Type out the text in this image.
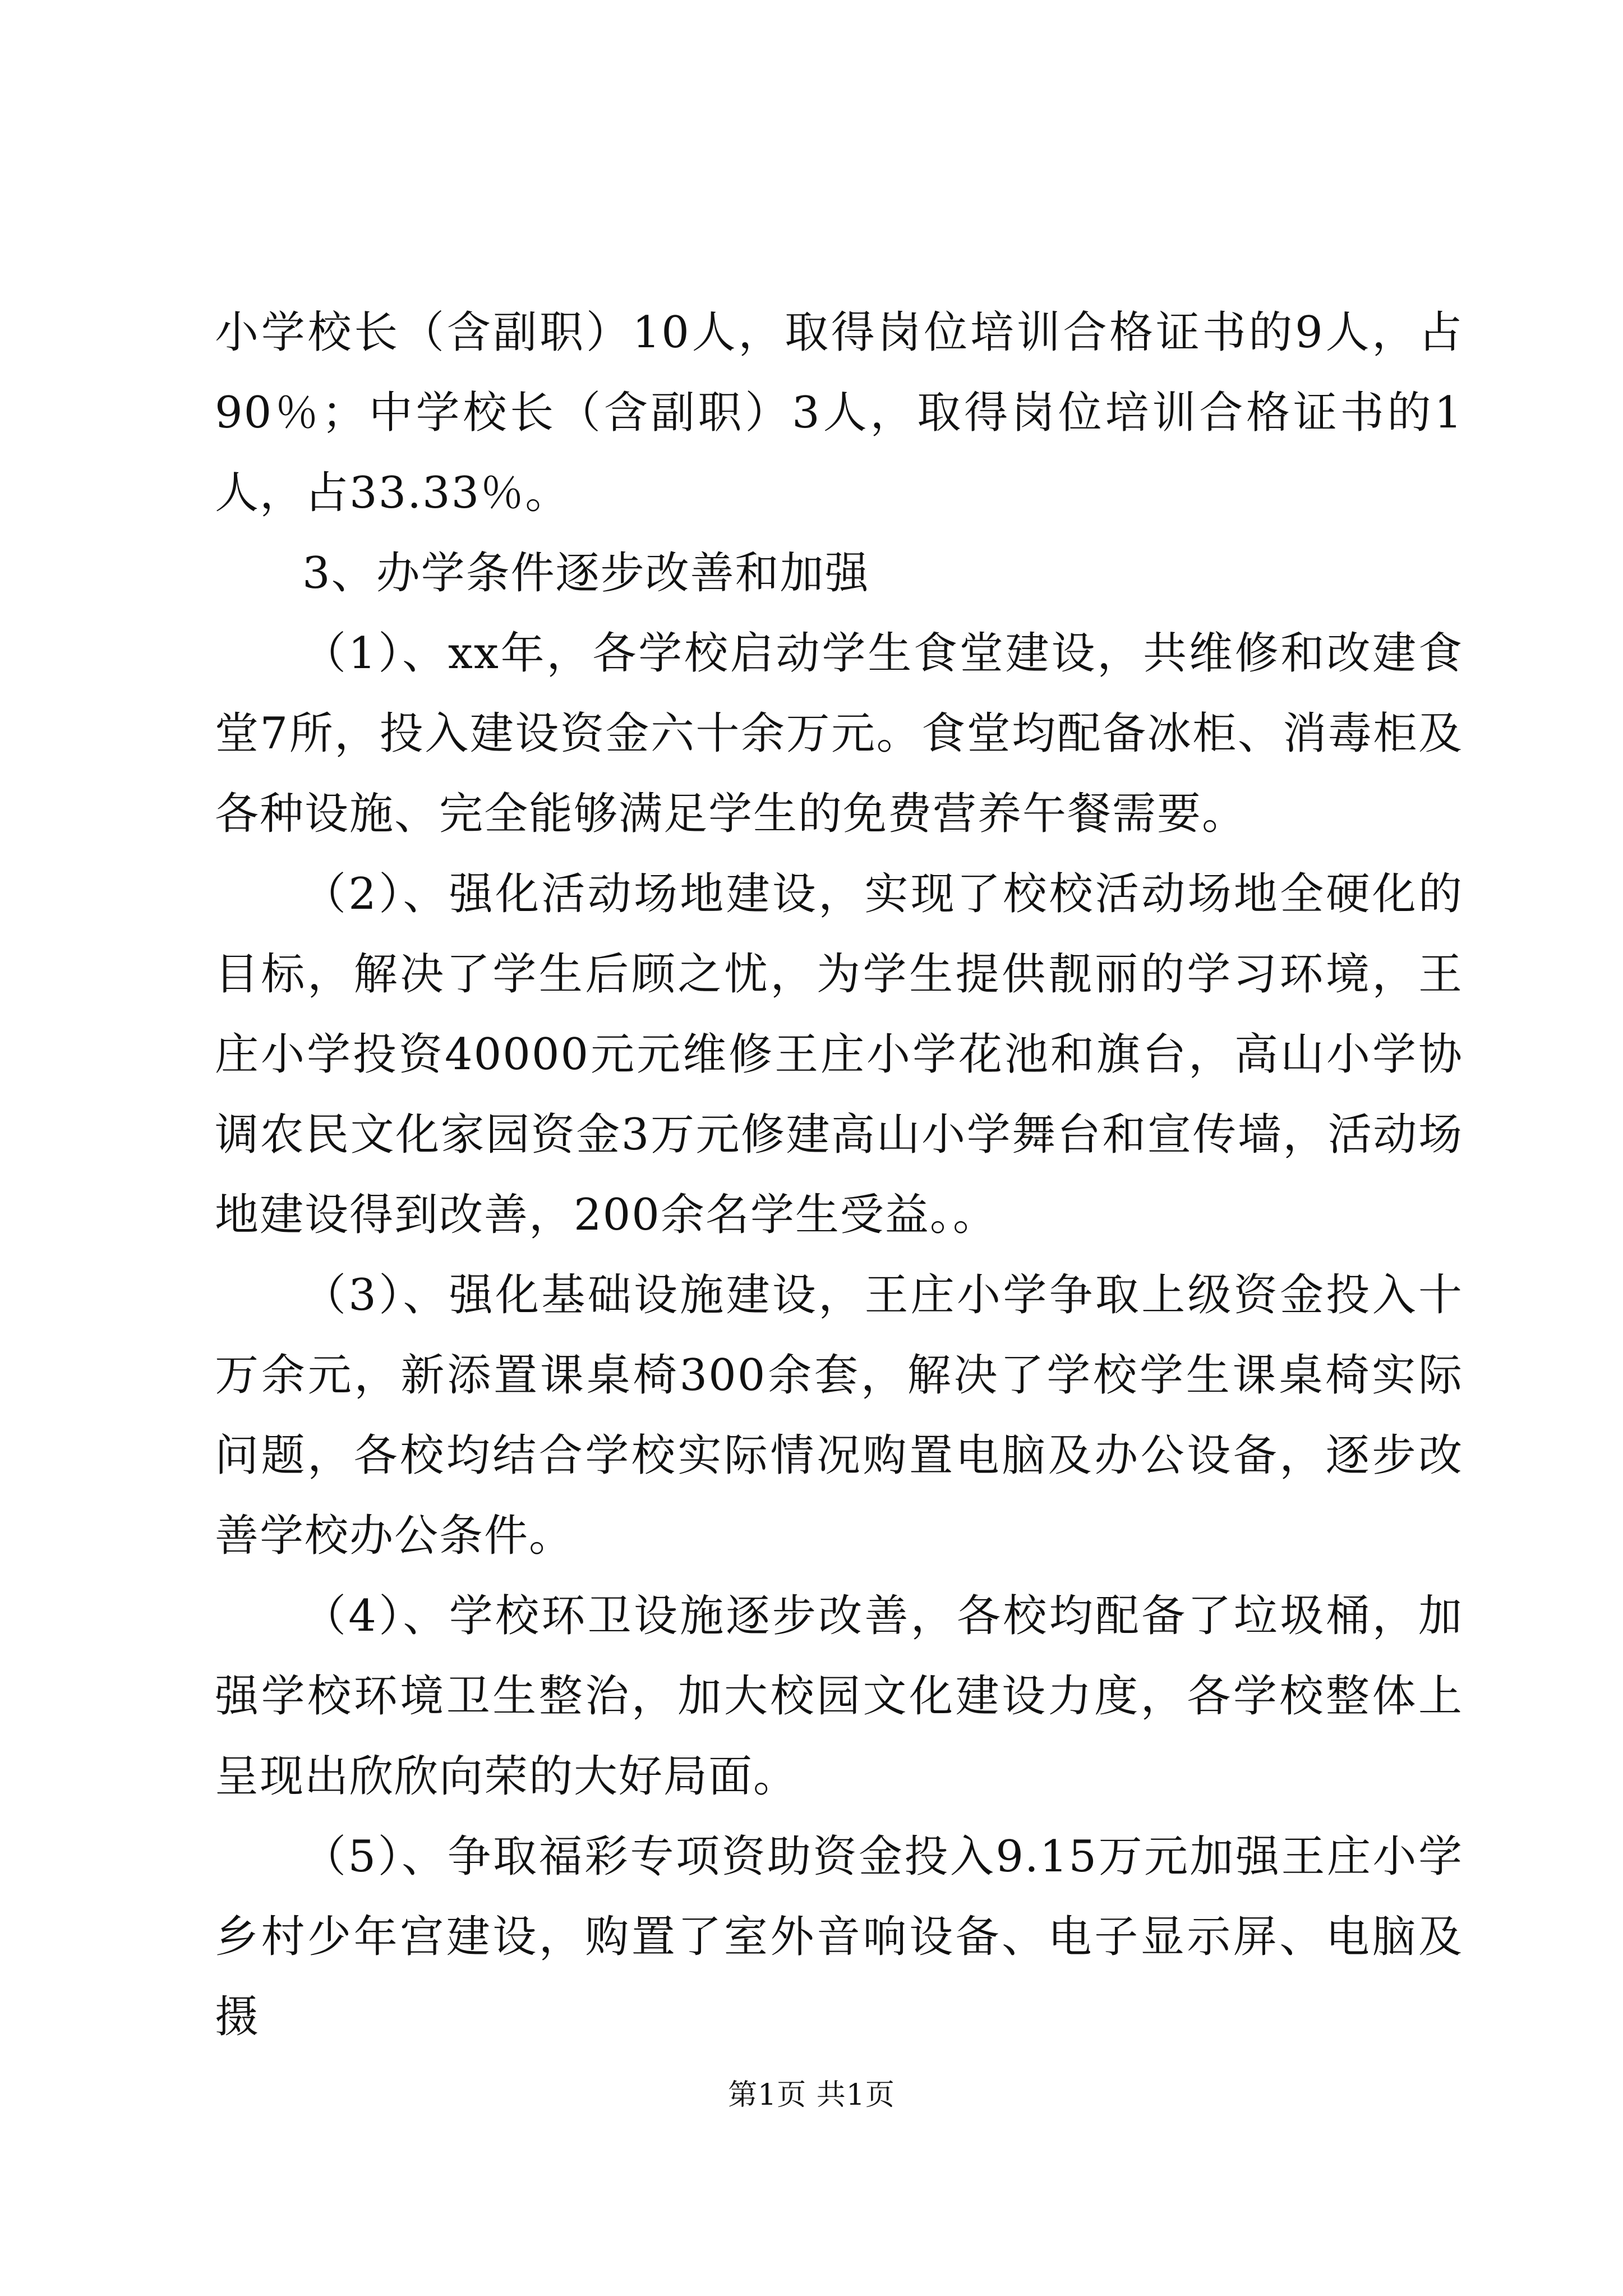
小学校长（含副职）10人，取得岗位培训合格证书的9人，占90％；中学校长（含副职）3人，取得岗位培训合格证书的1人，占33.33％。

3、办学条件逐步改善和加强

（1）、xx年，各学校启动学生食堂建设，共维修和改建食堂7所，投入建设资金六十余万元。食堂均配备冰柜、消毒柜及各种设施、完全能够满足学生的免费营养午餐需要。

（2）、强化活动场地建设，实现了校校活动场地全硬化的目标，解决了学生后顾之忧，为学生提供靓丽的学习环境，王庄小学投资40000元元维修王庄小学花池和旗台，高山小学协调农民文化家园资金3万元修建高山小学舞台和宣传墙，活动场地建设得到改善，200余名学生受益。。

（3）、强化基础设施建设，王庄小学争取上级资金投入十万余元，新添置课桌椅300余套，解决了学校学生课桌椅实际问题，各校均结合学校实际情况购置电脑及办公设备，逐步改善学校办公条件。

（4）、学校环卫设施逐步改善，各校均配备了垃圾桶，加强学校环境卫生整治，加大校园文化建设力度，各学校整体上呈现出欣欣向荣的大好局面。

（5）、争取福彩专项资助资金投入9.15万元加强王庄小学乡村少年宫建设，购置了室外音响设备、电子显示屏、电脑及摄

第1页 共1页
